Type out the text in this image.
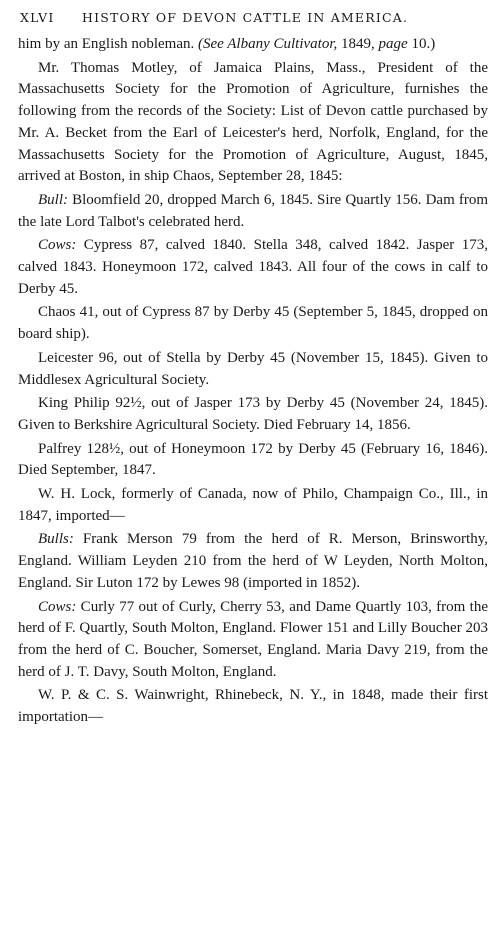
XLVI	HISTORY OF DEVON CATTLE IN AMERICA.

him by an English nobleman. (See Albany Cultivator, 1849, page 10.)

Mr. Thomas Motley, of Jamaica Plains, Mass., President of the Massachusetts Society for the Promotion of Agriculture, furnishes the following from the records of the Society: List of Devon cattle purchased by Mr. A. Becket from the Earl of Leicester's herd, Norfolk, England, for the Massachusetts Society for the Promotion of Agriculture, August, 1845, arrived at Boston, in ship Chaos, September 28, 1845:

Bull: Bloomfield 20, dropped March 6, 1845. Sire Quartly 156. Dam from the late Lord Talbot's celebrated herd.

Cows: Cypress 87, calved 1840. Stella 348, calved 1842. Jasper 173, calved 1843. Honeymoon 172, calved 1843. All four of the cows in calf to Derby 45.

Chaos 41, out of Cypress 87 by Derby 45 (September 5, 1845, dropped on board ship).

Leicester 96, out of Stella by Derby 45 (November 15, 1845). Given to Middlesex Agricultural Society.

King Philip 92½, out of Jasper 173 by Derby 45 (November 24, 1845). Given to Berkshire Agricultural Society. Died February 14, 1856.

Palfrey 128½, out of Honeymoon 172 by Derby 45 (February 16, 1846). Died September, 1847.

W. H. Lock, formerly of Canada, now of Philo, Champaign Co., Ill., in 1847, imported—

Bulls: Frank Merson 79 from the herd of R. Merson, Brinsworthy, England. William Leyden 210 from the herd of W Leyden, North Molton, England. Sir Luton 172 by Lewes 98 (imported in 1852).

Cows: Curly 77 out of Curly, Cherry 53, and Dame Quartly 103, from the herd of F. Quartly, South Molton, England. Flower 151 and Lilly Boucher 203 from the herd of C. Boucher, Somerset, England. Maria Davy 219, from the herd of J. T. Davy, South Molton, England.

W. P. & C. S. Wainwright, Rhinebeck, N. Y., in 1848, made their first importation—
